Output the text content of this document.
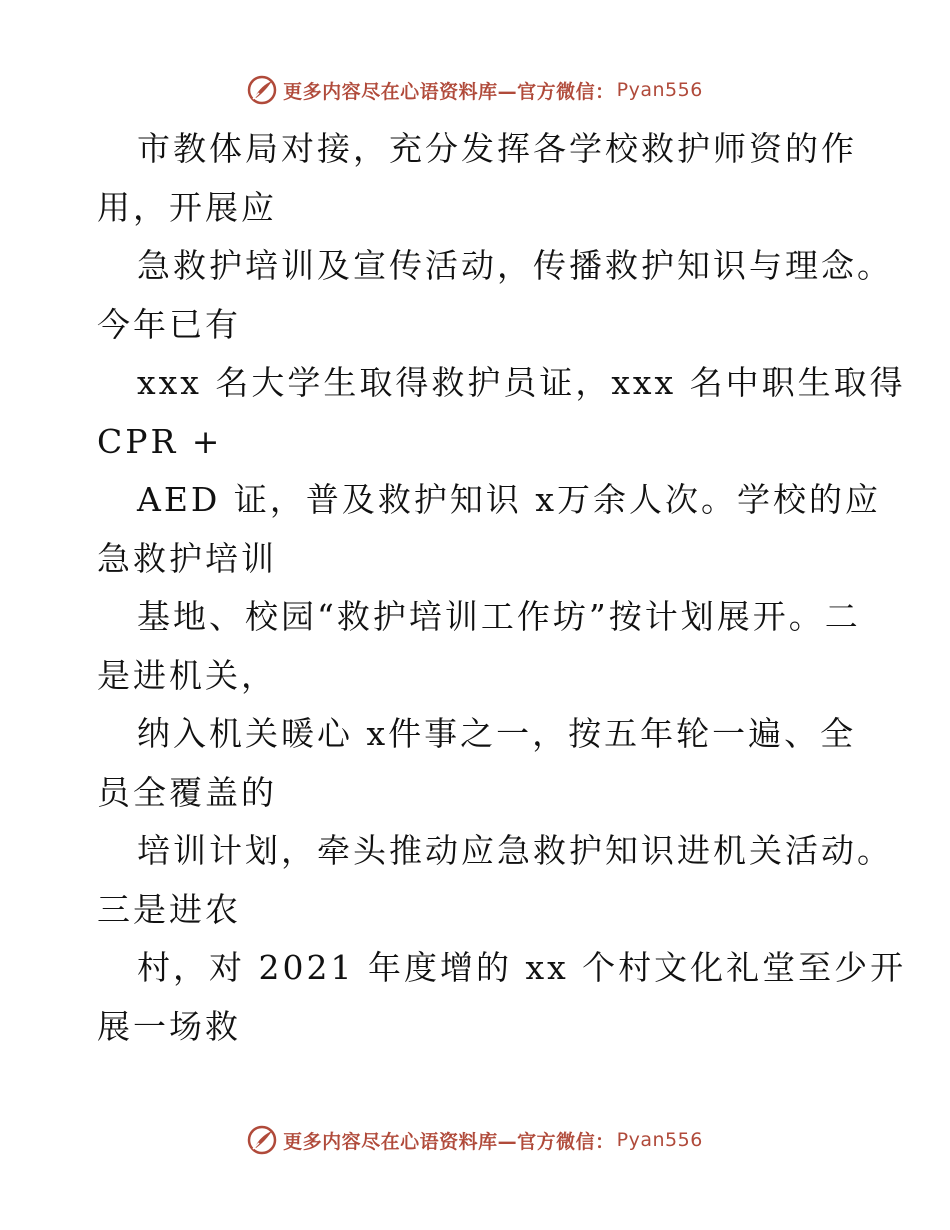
更多内容尽在心语资料库—官方微信： Pyan556
市教体局对接，充分发挥各学校救护师资的作
用，开展应
急救护培训及宣传活动，传播救护知识与理念。
今年已有
xxx 名大学生取得救护员证，xxx 名中职生取得
CPR +
AED 证，普及救护知识 x万余人次。学校的应
急救护培训
基地、校园“救护培训工作坊”按计划展开。二
是进机关，
纳入机关暖心 x件事之一，按五年轮一遍、全
员全覆盖的
培训计划，牵头推动应急救护知识进机关活动。
三是进农
村，对 2021 年度增的 xx 个村文化礼堂至少开
展一场救
更多内容尽在心语资料库—官方微信： Pyan556
